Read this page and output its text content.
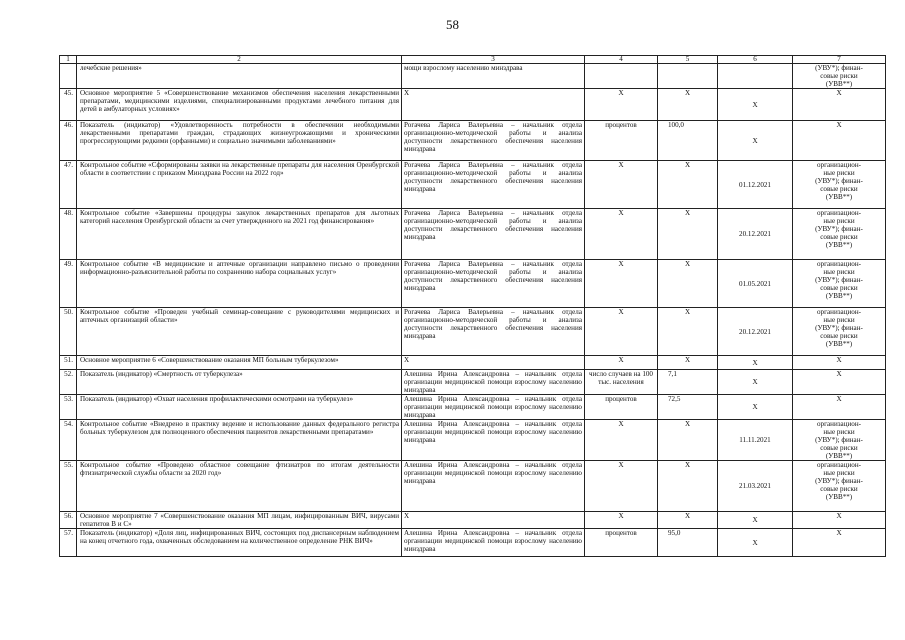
58
1	2	3	4	5	6	7
	лечебские решения»	мощи взрослому населению минздрава				(УВУ*); финан-
совые риски
(УВВ**)
45.	Основное мероприятие 5 «Совершенствование механизмов обеспечения населения лекарственными препаратами, медицинскими изделиями, специализированными продуктами лечебного питания для детей в амбулаторных условиях»	X	X	X	X	X
46.	Показатель (индикатор) «Удовлетворенность потребности в обеспечении необходимыми лекарственными препаратами граждан, страдающих жизнеугрожающими и хроническими прогрессирующими редкими (орфанными) и социально значимыми заболеваниями»	Рогачева Лариса Валерьевна – начальник отдела организационно-методической работы и анализа доступности лекарственного обеспечения населения минздрава	процентов	100,0	X	X
47.	Контрольное событие «Сформированы заявки на лекарственные препараты для населения Оренбургской области в соответствии с приказом Минздрава России на 2022 год»	Рогачева Лариса Валерьевна – начальник отдела организационно-методической работы и анализа доступности лекарственного обеспечения населения минздрава	X	X	01.12.2021	организацион-
ные риски
(УВУ*); финан-
совые риски
(УВВ**)
48.	Контрольное событие «Завершены процедуры закупок лекарственных препаратов для льготных категорий населения Оренбургской области за счет утвержденного на 2021 год финансирования»	Рогачева Лариса Валерьевна – начальник отдела организационно-методической работы и анализа доступности лекарственного обеспечения населения минздрава	X	X	20.12.2021	организацион-
ные риски
(УВУ*); финан-
совые риски
(УВВ**)
49.	Контрольное событие «В медицинские и аптечные организации направлено письмо о проведении информационно-разъяснительной работы по сохранению набора социальных услуг»	Рогачева Лариса Валерьевна – начальник отдела организационно-методической работы и анализа доступности лекарственного обеспечения населения минздрава	X	X	01.05.2021	организацион-
ные риски
(УВУ*); финан-
совые риски
(УВВ**)
50.	Контрольное событие «Проведен учебный семинар-совещание с руководителями медицинских и аптечных организаций области»	Рогачева Лариса Валерьевна – начальник отдела организационно-методической работы и анализа доступности лекарственного обеспечения населения минздрава	X	X	20.12.2021	организацион-
ные риски
(УВУ*); финан-
совые риски
(УВВ**)
51.	Основное мероприятие 6 «Совершенствование оказания МП больным туберкулезом»	X	X	X	X	X
52.	Показатель (индикатор) «Смертность от туберкулеза»	Алешина Ирина Александровна – начальник отдела организации медицинской помощи взрослому населению минздрава	число случаев на 100 тыс. населения	7,1	X	X
53.	Показатель (индикатор) «Охват населения профилактическими осмотрами на туберкулез»	Алешина Ирина Александровна – начальник отдела организации медицинской помощи взрослому населению минздрава	процентов	72,5	X	X
54.	Контрольное событие «Внедрено в практику ведение и использование данных федерального регистра больных туберкулезом для полноценного обеспечения пациентов лекарственными препаратами»	Алешина Ирина Александровна – начальник отдела организации медицинской помощи взрослому населению минздрава	X	X	11.11.2021	организацион-
ные риски
(УВУ*); финан-
совые риски
(УВВ**)
55.	Контрольное событие «Проведено областное совещание фтизиатров по итогам деятельности фтизиатрической службы области за 2020 год»	Алешина Ирина Александровна – начальник отдела организации медицинской помощи взрослому населению минздрава	X	X	21.03.2021	организацион-
ные риски
(УВУ*); финан-
совые риски
(УВВ**)
56.	Основное мероприятие 7 «Совершенствование оказания МП лицам, инфицированным ВИЧ, вирусами гепатитов В и С»	X	X	X	X	X
57.	Показатель (индикатор) «Доля лиц, инфицированных ВИЧ, состоящих под диспансерным наблюдением на конец отчетного года, охваченных обследованием на количественное определение РНК ВИЧ»	Алешина Ирина Александровна – начальник отдела организации медицинской помощи взрослому населению минздрава	процентов	95,0	X	X
